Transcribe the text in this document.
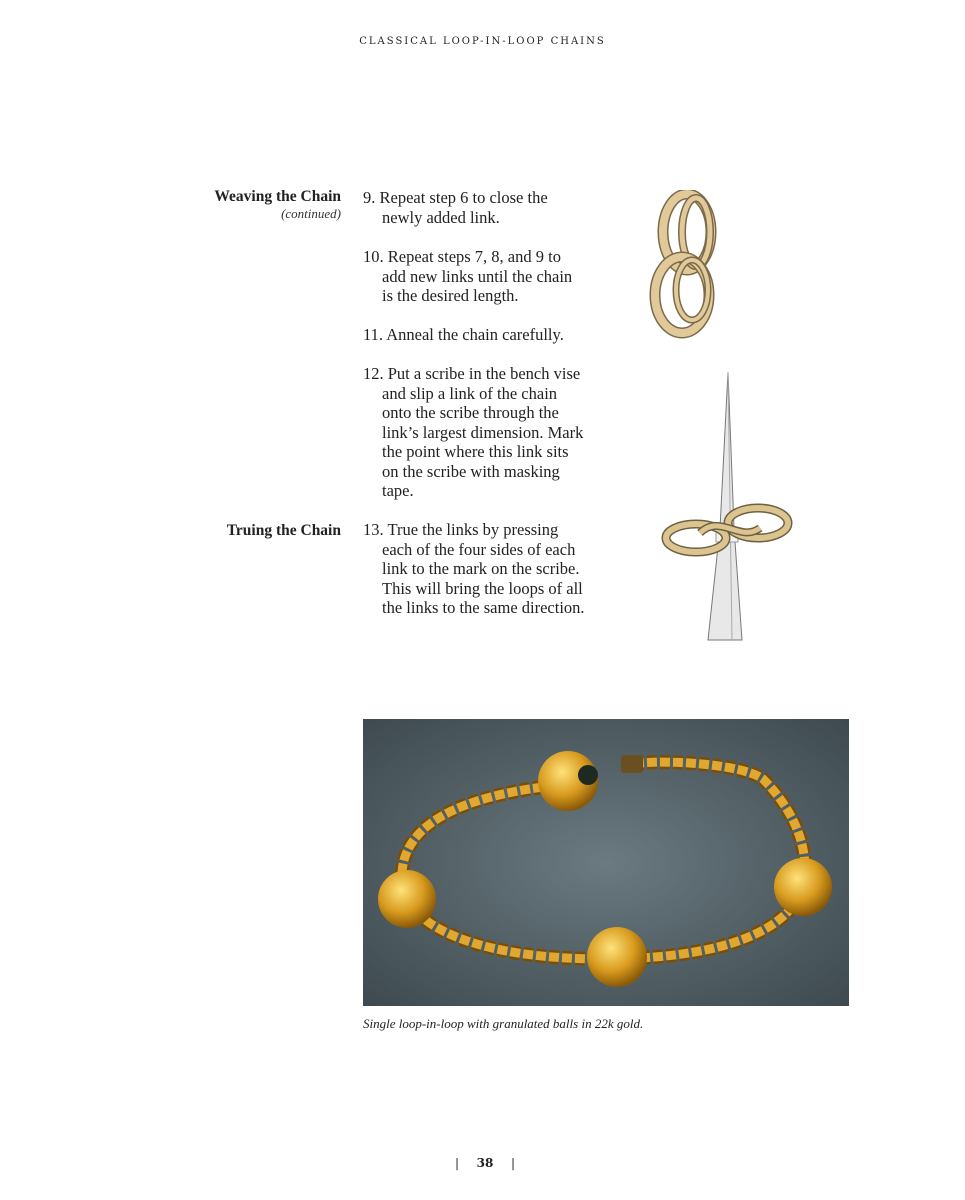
CLASSICAL LOOP-IN-LOOP CHAINS
Weaving the Chain
(continued)
Truing the Chain
9. Repeat step 6 to close the
newly added link.
10. Repeat steps 7, 8, and 9 to
add new links until the chain
is the desired length.
11. Anneal the chain carefully.
12. Put a scribe in the bench vise
and slip a link of the chain
onto the scribe through the
link’s largest dimension. Mark
the point where this link sits
on the scribe with masking
tape.
13. True the links by pressing
each of the four sides of each
link to the mark on the scribe.
This will bring the loops of all
the links to the same direction.
Single loop-in-loop with granulated balls in 22k gold.
| 38 |
